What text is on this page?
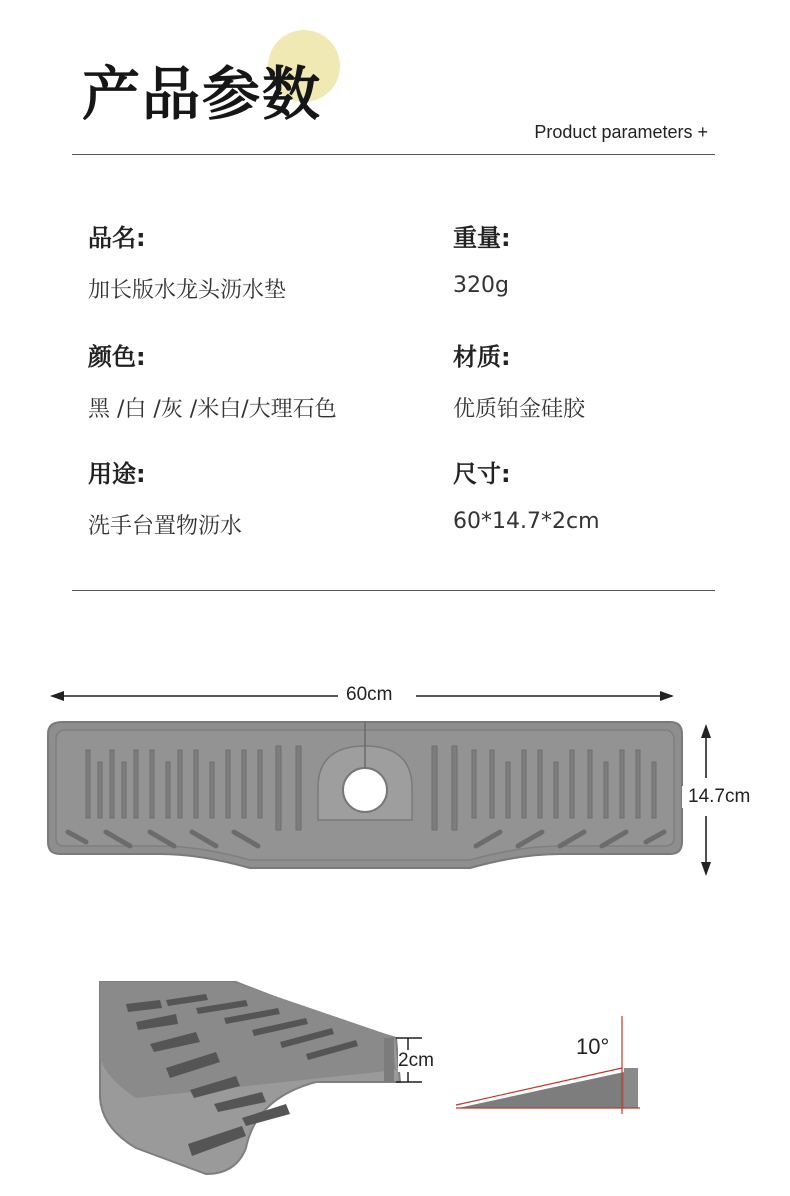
产品参数
Product parameters +
品名:
加长版水龙头沥水垫
重量:
320g
颜色:
黑 /白 /灰 /米白/大理石色
材质:
优质铂金硅胶
用途:
洗手台置物沥水
尺寸:
60*14.7*2cm
60cm
14.7cm
2cm
10°
